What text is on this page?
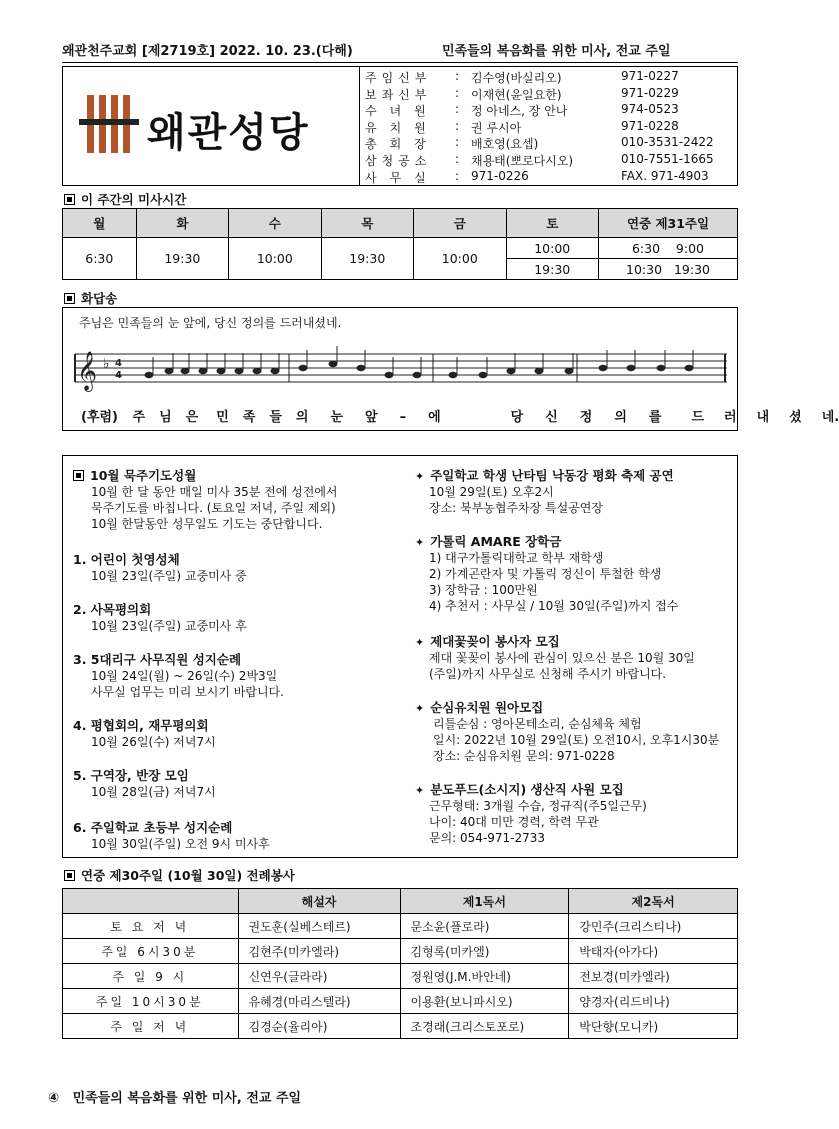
왜관천주교회 [제2719호] 2022. 10. 23.(다해)	민족들의 복음화를 위한 미사, 전교 주일
왜관성당
주임신부	: 김수영(바실리오)	971-0227
보좌신부	: 이재현(윤일요한)	971-0229
수녀원	: 정 아네스, 장 안나	974-0523
유치원	: 권 루시아	971-0228
총회장	: 배호영(요셉)	010-3531-2422
삼청공소	: 채용태(뽀로다시오)	010-7551-1665
사무실	: 971-0226	FAX. 971-4903
이 주간의 미사시간
월	화	수	목	금	토	연중 제31주일
6:30	19:30	10:00	19:30	10:00	10:00	6:30    9:00
					19:30	10:30   19:30
화답송
주님은 민족들의 눈 앞에, 당신 정의를 드러내셨네.
𝄞 ♭ 4
4
(후렴) 주 님 은 민 족 들 의 눈 앞 – 에	당 신 정 의 를 드 러 내 셨 네.
10월 묵주기도성월
10월 한 달 동안 매일 미사 35분 전에 성전에서
묵주기도를 바칩니다. (토요일 저녁, 주일 제외)
10월 한달동안 성무일도 기도는 중단합니다.
1. 어린이 첫영성체
10월 23일(주일) 교중미사 중
2. 사목평의회
10월 23일(주일) 교중미사 후
3. 5대리구 사무직원 성지순례
10월 24일(월) ~ 26일(수) 2박3일
사무실 업무는 미리 보시기 바랍니다.
4. 평협회의, 재무평의회
10월 26일(수) 저녁7시
5. 구역장, 반장 모임
10월 28일(금) 저녁7시
6. 주일학교 초등부 성지순례
10월 30일(주일) 오전 9시 미사후
✦ 주일학교 학생 난타팀 낙동강 평화 축제 공연
10월 29일(토) 오후2시
장소: 북부농협주차장 특설공연장
✦ 가톨릭 AMARE 장학금
1) 대구가톨릭대학교 학부 재학생
2) 가계곤란자 및 가톨릭 정신이 투철한 학생
3) 장학금 : 100만원
4) 추천서 : 사무실 / 10월 30일(주일)까지 접수
✦ 제대꽃꽂이 봉사자 모집
제대 꽃꽂이 봉사에 관심이 있으신 분은 10월 30일
(주일)까지 사무실로 신청해 주시기 바랍니다.
✦ 순심유치원 원아모집
리틀순심 : 영아몬테소리, 순심체육 체험
일시: 2022년 10월 29일(토) 오전10시, 오후1시30분
장소: 순심유치원 문의: 971-0228
✦ 분도푸드(소시지) 생산직 사원 모집
근무형태: 3개월 수습, 정규직(주5일근무)
나이: 40대 미만 경력, 학력 무관
문의: 054-971-2733
연중 제30주일 (10월 30일) 전례봉사
	해설자	제1독서	제2독서
토 요 저 녁	권도훈(실베스테르)	문소윤(플로라)	강민주(크리스티나)
주일 6시30분	김현주(미카엘라)	김형록(미카엘)	박태자(아가다)
주 일 9 시	신연우(글라라)	정원영(J.M.바안네)	전보경(미카엘라)
주일 10시30분	유혜경(마리스텔라)	이용환(보니파시오)	양경자(리드비나)
주 일 저 녁	김경순(율리아)	조경래(크리스토포로)	박단향(모니카)
④ 민족들의 복음화를 위한 미사, 전교 주일
